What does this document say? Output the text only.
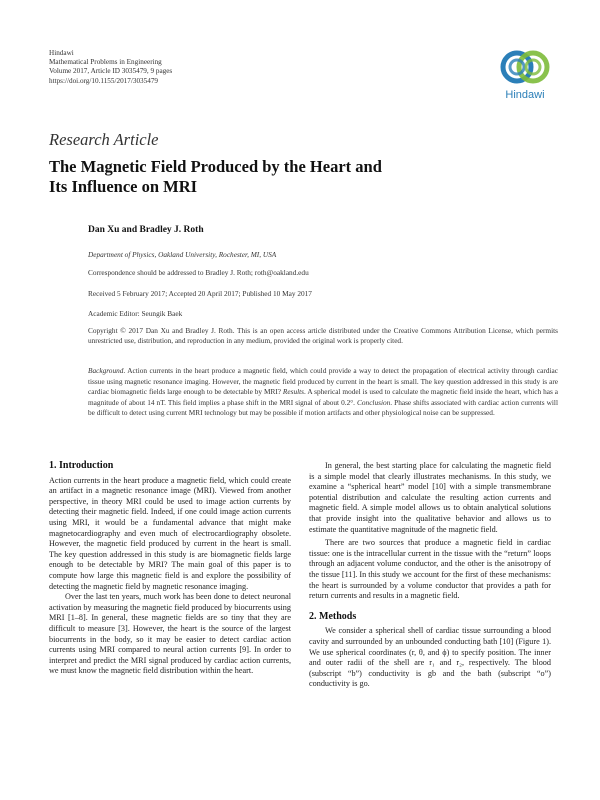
Hindawi
Mathematical Problems in Engineering
Volume 2017, Article ID 3035479, 9 pages
https://doi.org/10.1155/2017/3035479
Hindawi
Research Article
The Magnetic Field Produced by the Heart and
Its Influence on MRI
Dan Xu and Bradley J. Roth
Department of Physics, Oakland University, Rochester, MI, USA
Correspondence should be addressed to Bradley J. Roth; roth@oakland.edu
Received 5 February 2017; Accepted 20 April 2017; Published 10 May 2017
Academic Editor: Seungik Baek
Copyright © 2017 Dan Xu and Bradley J. Roth. This is an open access article distributed under the Creative Commons Attribution License, which permits unrestricted use, distribution, and reproduction in any medium, provided the original work is properly cited.
Background. Action currents in the heart produce a magnetic field, which could provide a way to detect the propagation of electrical activity through cardiac tissue using magnetic resonance imaging. However, the magnetic field produced by current in the heart is small. The key question addressed in this study is are cardiac biomagnetic fields large enough to be detectable by MRI? Results. A spherical model is used to calculate the magnetic field inside the heart, which has a magnitude of about 14 nT. This field implies a phase shift in the MRI signal of about 0.2°. Conclusion. Phase shifts associated with cardiac action currents will be difficult to detect using current MRI technology but may be possible if motion artifacts and other physiological noise can be suppressed.
1. Introduction

Action currents in the heart produce a magnetic field, which could create an artifact in a magnetic resonance image (MRI). Viewed from another perspective, in theory MRI could be used to image action currents by detecting their magnetic field. Indeed, if one could image action currents using MRI, it would be a fundamental advance that might make magnetocardiography and even much of electrocardiography obsolete. However, the magnetic field produced by current in the heart is small. The key question addressed in this study is are biomagnetic fields large enough to be detectable by MRI? The main goal of this paper is to compute how large this magnetic field is and explore the possibility of detecting the magnetic field by magnetic resonance imaging.

Over the last ten years, much work has been done to detect neuronal activation by measuring the magnetic field produced by biocurrents using MRI [1–8]. In general, these magnetic fields are so tiny that they are difficult to measure [3]. However, the heart is the source of the largest biocurrents in the body, so it may be easier to detect cardiac action currents using MRI compared to neural action currents [9]. In order to interpret and predict the MRI signal produced by cardiac action currents, we must know the magnetic field distribution within the heart.

In general, the best starting place for calculating the magnetic field is a simple model that clearly illustrates mechanisms. In this study, we examine a “spherical heart” model [10] with a simple transmembrane potential distribution and calculate the resulting action currents and magnetic field. A simple model allows us to obtain analytical solutions that provide insight into the qualitative behavior and allows us to estimate the quantitative magnitude of the magnetic field.

There are two sources that produce a magnetic field in cardiac tissue: one is the intracellular current in the tissue with the “return” loops through an adjacent volume conductor, and the other is the anisotropy of the tissue [11]. In this study we account for the first of these mechanisms: the heart is surrounded by a volume conductor that provides a path for return currents and results in a magnetic field.

2. Methods

We consider a spherical shell of cardiac tissue surrounding a blood cavity and surrounded by an unbounded conducting bath [10] (Figure 1). We use spherical coordinates (r, θ, and ϕ) to specify position. The inner and outer radii of the shell are r₁ and r₂, respectively. The blood (subscript “b”) conductivity is gb and the bath (subscript “o”) conductivity is go.
